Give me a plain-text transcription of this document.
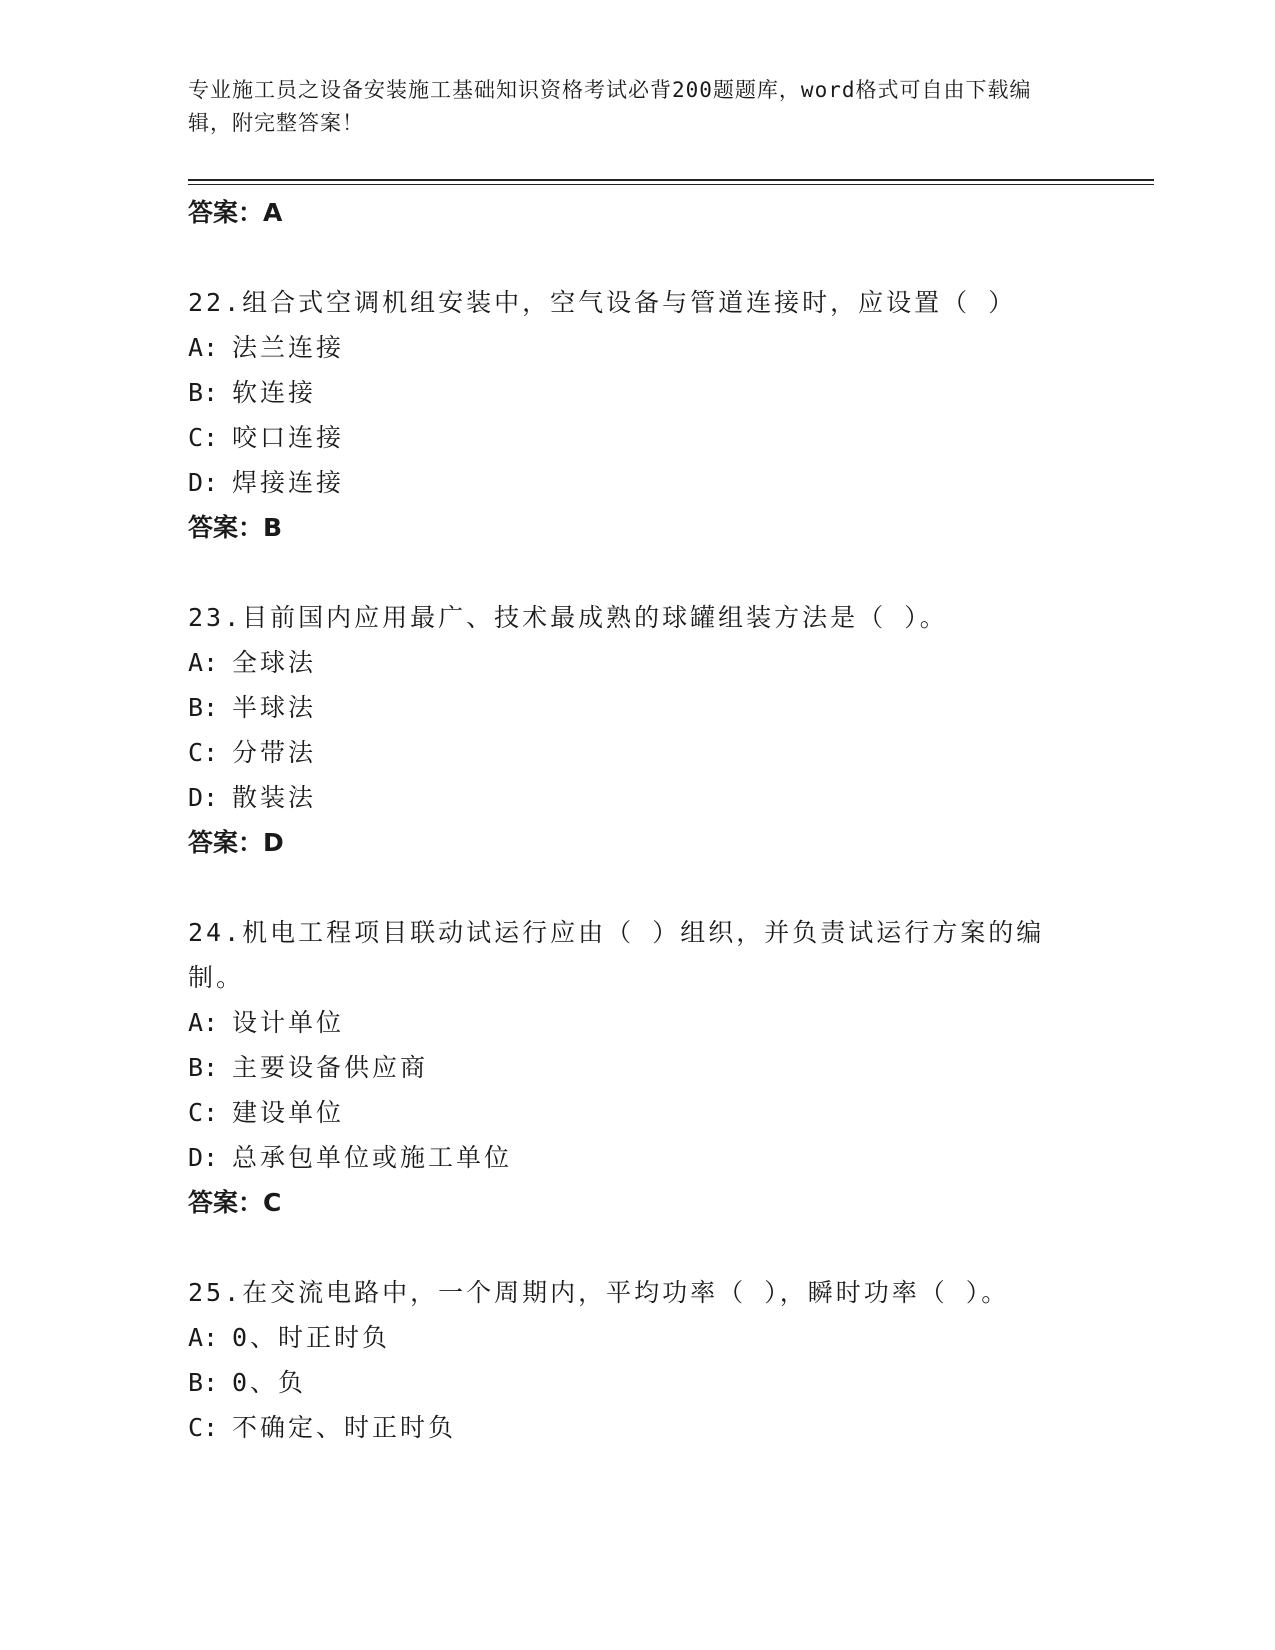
专业施工员之设备安装施工基础知识资格考试必背200题题库，word格式可自由下载编辑，附完整答案！
答案：A
22.组合式空调机组安装中，空气设备与管道连接时，应设置（ ）
A: 法兰连接
B: 软连接
C: 咬口连接
D: 焊接连接
答案：B
23.目前国内应用最广、技术最成熟的球罐组装方法是（ ）。
A: 全球法
B: 半球法
C: 分带法
D: 散装法
答案：D
24.机电工程项目联动试运行应由（ ）组织，并负责试运行方案的编制。
A: 设计单位
B: 主要设备供应商
C: 建设单位
D: 总承包单位或施工单位
答案：C
25.在交流电路中，一个周期内，平均功率（ ），瞬时功率（ ）。
A: 0、时正时负
B: 0、负
C: 不确定、时正时负
